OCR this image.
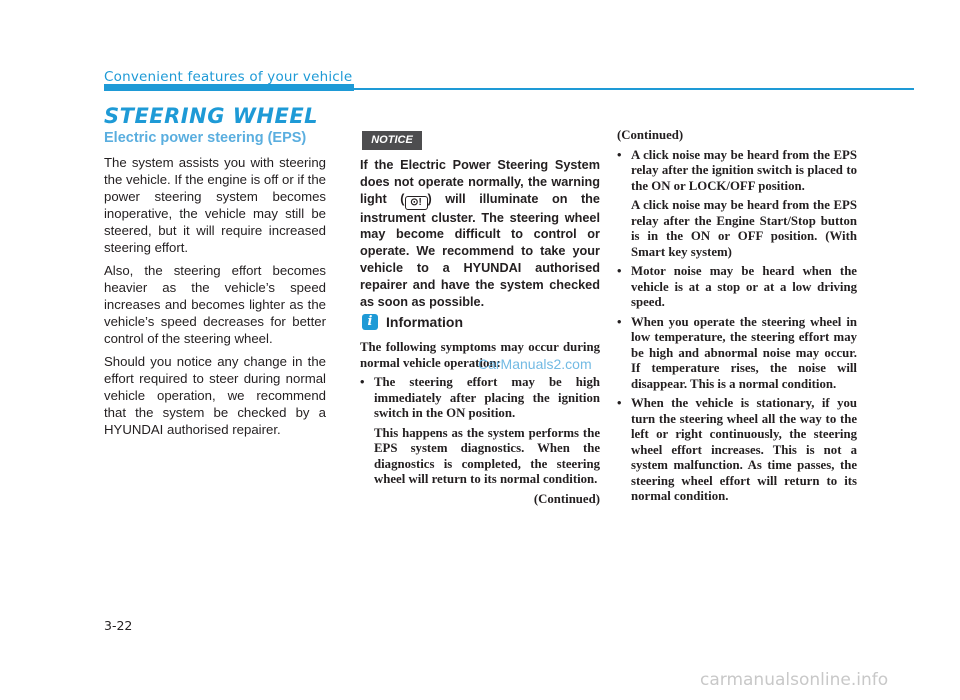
Convenient features of your vehicle
STEERING WHEEL
Electric power steering (EPS)

The system assists you with steering the vehicle. If the engine is off or if the power steering system becomes inoperative, the vehicle may still be steered, but it will require increased steering effort.

Also, the steering effort becomes heavier as the vehicle’s speed increases and becomes lighter as the vehicle’s speed decreases for better control of the steering wheel.

Should you notice any change in the effort required to steer during normal vehicle operation, we recommend that the system be checked by a HYUNDAI authorised repairer.

NOTICE
If the Electric Power Steering System does not operate normally, the warning light ( ⊙! ) will illuminate on the instrument cluster. The steering wheel may become difficult to control or operate. We recommend to take your vehicle to a HYUNDAI authorised repairer and have the system checked as soon as possible.
i Information

The following symptoms may occur during normal vehicle operation:

• The steering effort may be high immediately after placing the ignition switch in the ON position.

This happens as the system performs the EPS system diagnostics. When the diagnostics is completed, the steering wheel will return to its normal condition.

(Continued)

CarManuals2.com

(Continued)

• A click noise may be heard from the EPS relay after the ignition switch is placed to the ON or LOCK/OFF position.

A click noise may be heard from the EPS relay after the Engine Start/Stop button is in the ON or OFF position. (With Smart key system)

• Motor noise may be heard when the vehicle is at a stop or at a low driving speed.
• When you operate the steering wheel in low temperature, the steering effort may be high and abnormal noise may occur. If temperature rises, the noise will disappear. This is a normal condition.
• When the vehicle is stationary, if you turn the steering wheel all the way to the left or right continuously, the steering wheel effort increases. This is not a system malfunction. As time passes, the steering wheel effort will return to its normal condition.
3-22
carmanualsonline.info
